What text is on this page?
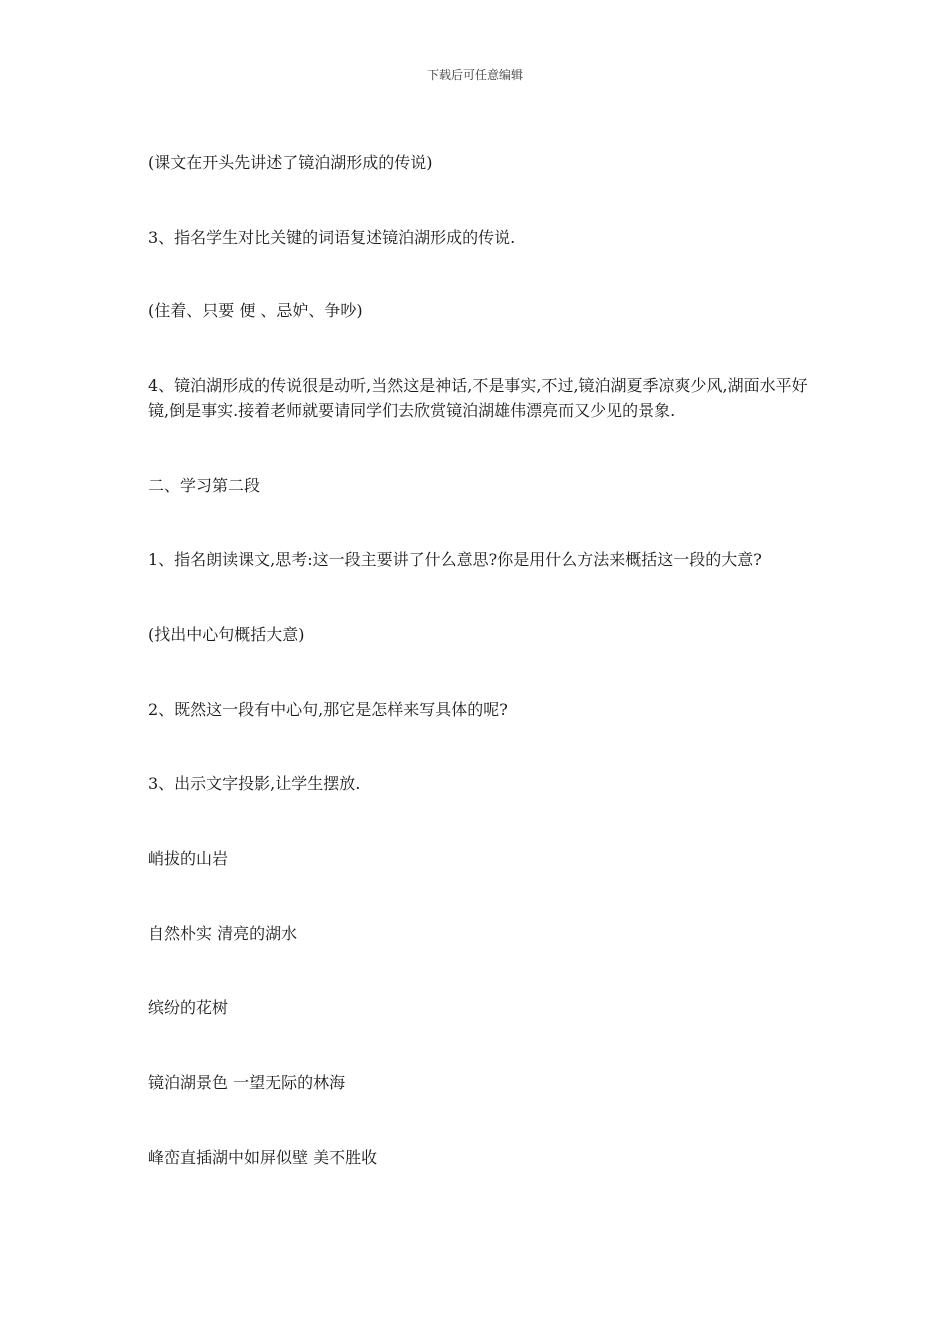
下载后可任意编辑
(课文在开头先讲述了镜泊湖形成的传说)
3、指名学生对比关键的词语复述镜泊湖形成的传说.
(住着、只要 便 、忌妒、争吵)
4、镜泊湖形成的传说很是动听,当然这是神话,不是事实,不过,镜泊湖夏季凉爽少风,湖面水平好镜,倒是事实.接着老师就要请同学们去欣赏镜泊湖雄伟漂亮而又少见的景象.
二、学习第二段
1、指名朗读课文,思考:这一段主要讲了什么意思?你是用什么方法来概括这一段的大意?
(找出中心句概括大意)
2、既然这一段有中心句,那它是怎样来写具体的呢?
3、出示文字投影,让学生摆放.
峭拔的山岩
自然朴实 清亮的湖水
缤纷的花树
镜泊湖景色 一望无际的林海
峰峦直插湖中如屏似壁 美不胜收
